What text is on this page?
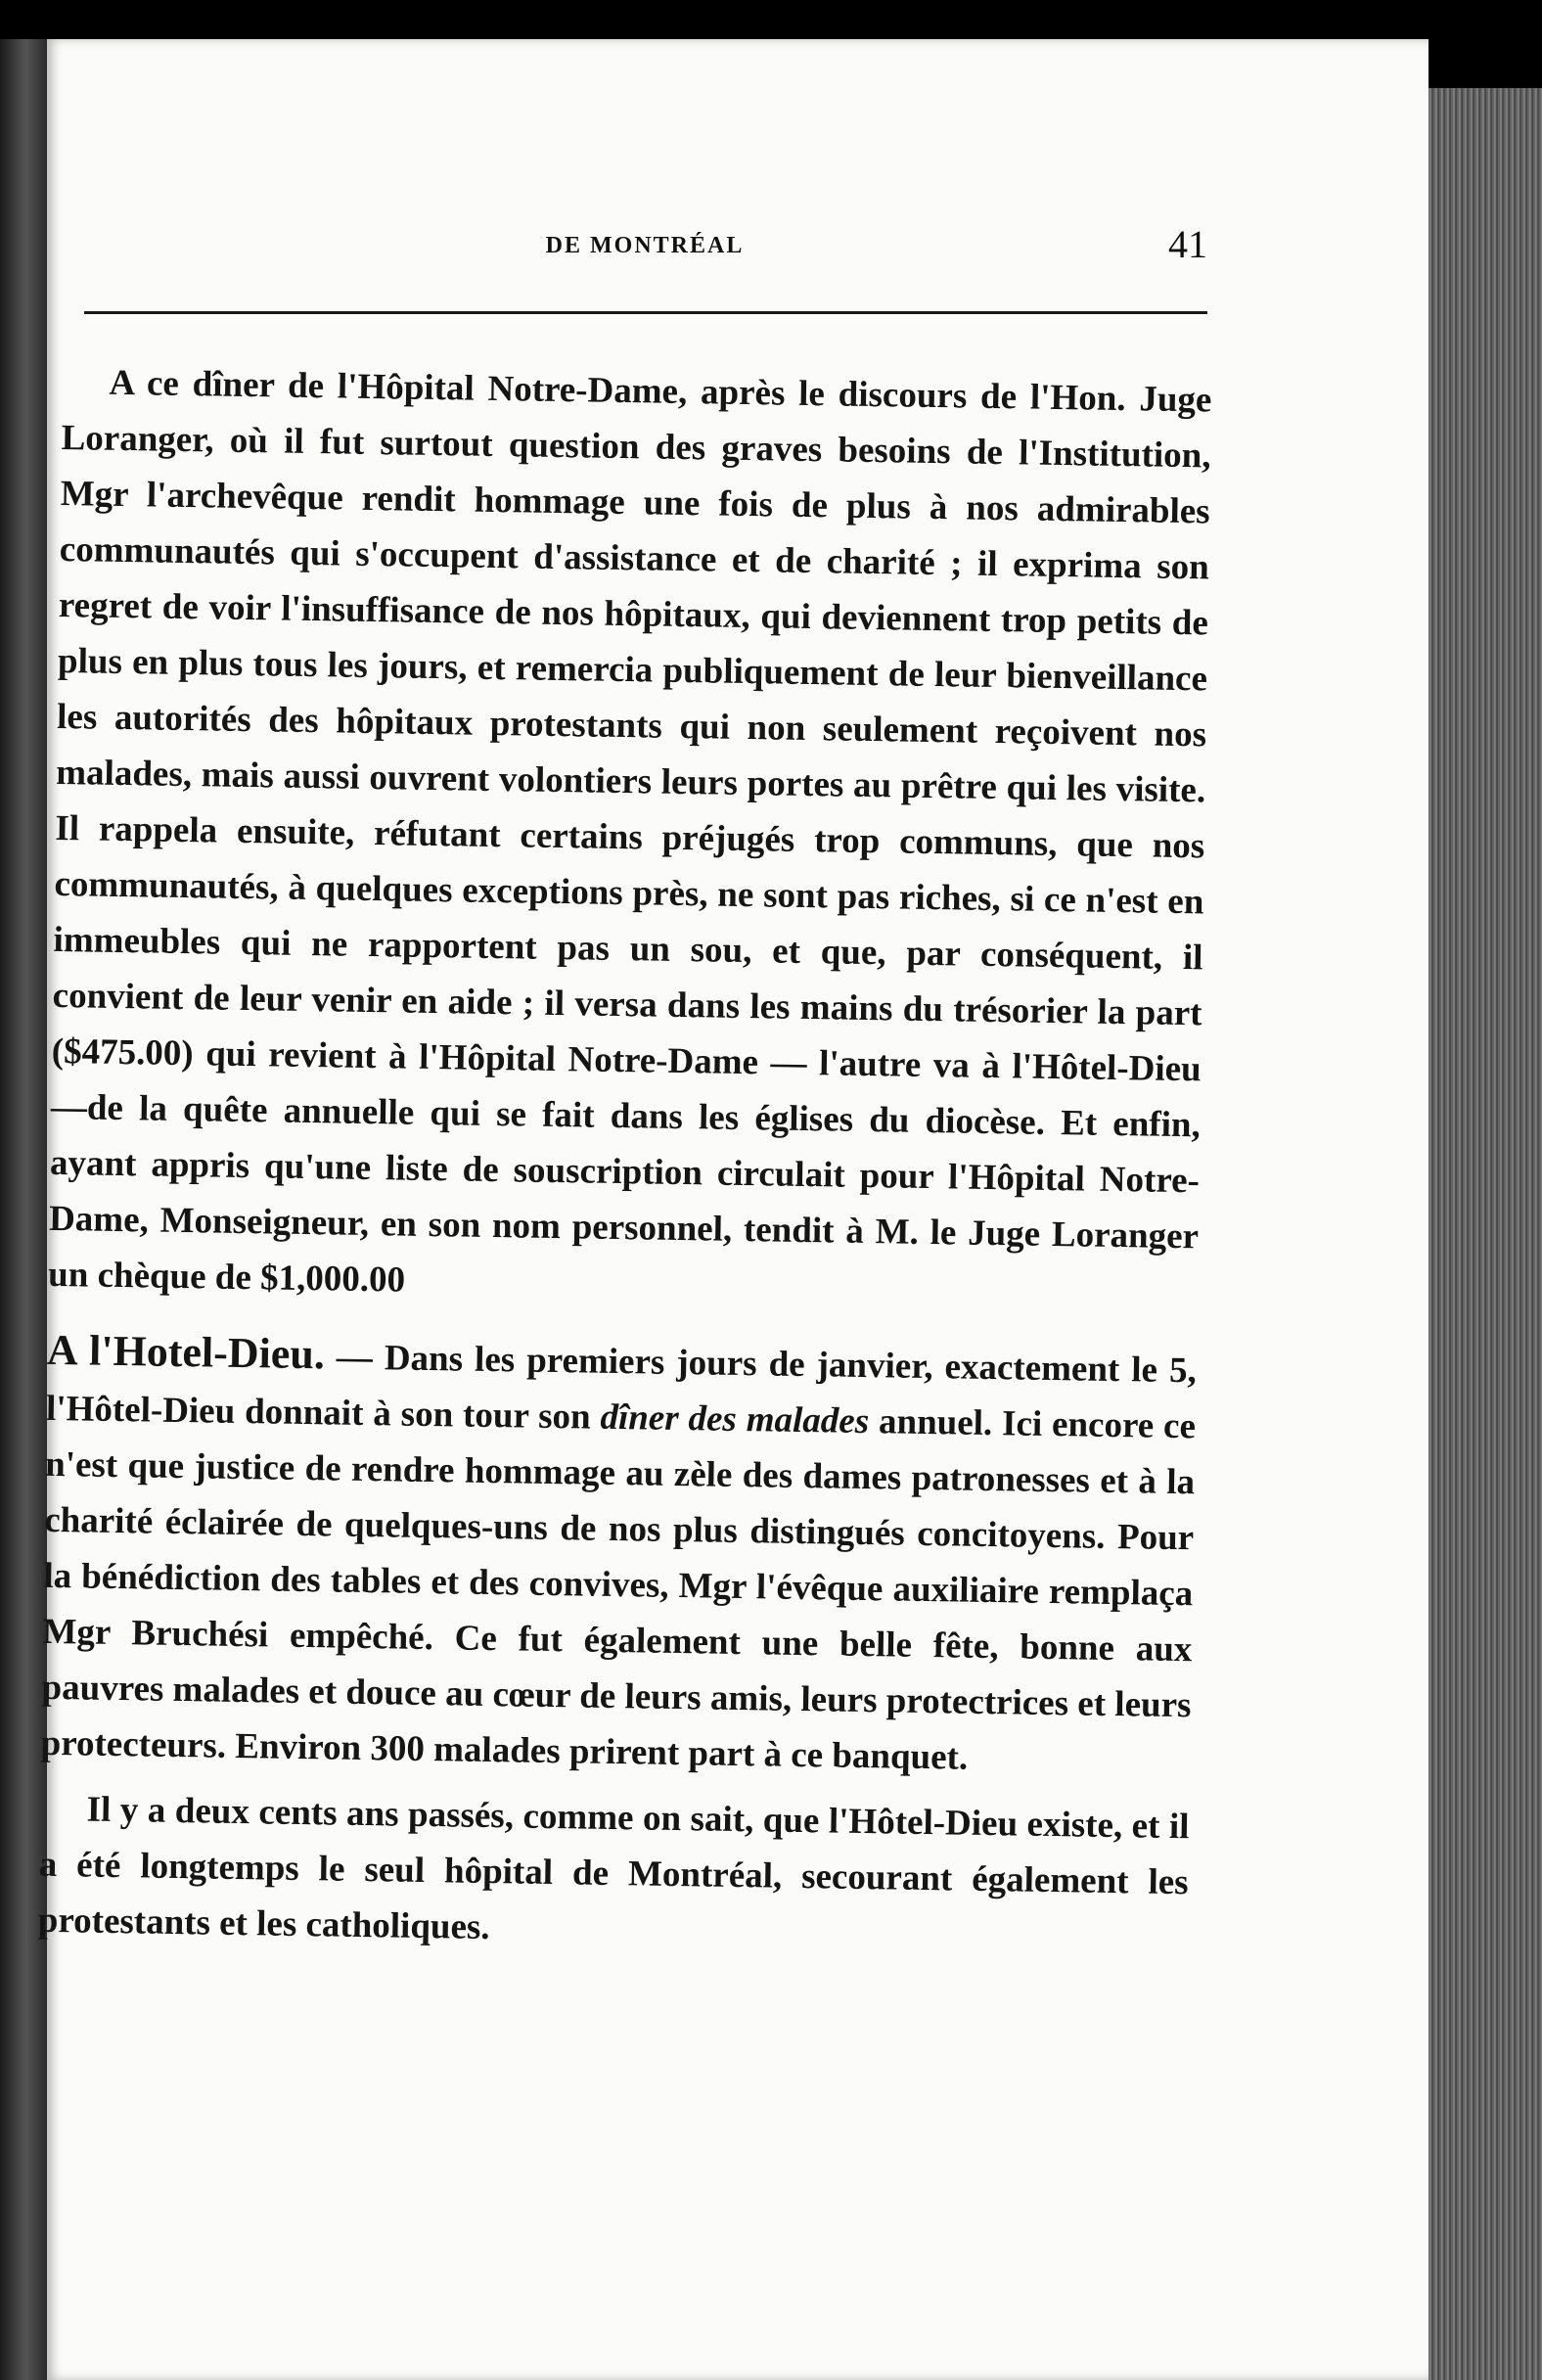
DE MONTRÉAL	41

A ce dîner de l'Hôpital Notre-Dame, après le discours de l'Hon. Juge Loranger, où il fut surtout question des graves besoins de l'Institution, Mgr l'archevêque rendit hommage une fois de plus à nos admirables communautés qui s'occupent d'assistance et de charité ; il exprima son regret de voir l'insuffisance de nos hôpitaux, qui deviennent trop petits de plus en plus tous les jours, et remercia publiquement de leur bienveillance les autorités des hôpitaux protestants qui non seulement reçoivent nos malades, mais aussi ouvrent volontiers leurs portes au prêtre qui les visite. Il rappela ensuite, réfutant certains préjugés trop communs, que nos communautés, à quelques exceptions près, ne sont pas riches, si ce n'est en immeubles qui ne rapportent pas un sou, et que, par conséquent, il convient de leur venir en aide ; il versa dans les mains du trésorier la part ($475.00) qui revient à l'Hôpital Notre-Dame — l'autre va à l'Hôtel-Dieu—de la quête annuelle qui se fait dans les églises du diocèse. Et enfin, ayant appris qu'une liste de souscription circulait pour l'Hôpital Notre-Dame, Monseigneur, en son nom personnel, tendit à M. le Juge Loranger un chèque de $1,000.00

A l'Hotel-Dieu. — Dans les premiers jours de janvier, exactement le 5, l'Hôtel-Dieu donnait à son tour son dîner des malades annuel. Ici encore ce n'est que justice de rendre hommage au zèle des dames patronesses et à la charité éclairée de quelques-uns de nos plus distingués concitoyens. Pour la bénédiction des tables et des convives, Mgr l'évêque auxiliaire remplaça Mgr Bruchési empêché. Ce fut également une belle fête, bonne aux pauvres malades et douce au cœur de leurs amis, leurs protectrices et leurs protecteurs. Environ 300 malades prirent part à ce banquet.

Il y a deux cents ans passés, comme on sait, que l'Hôtel-Dieu existe, et il a été longtemps le seul hôpital de Montréal, secourant également les protestants et les catholiques.
